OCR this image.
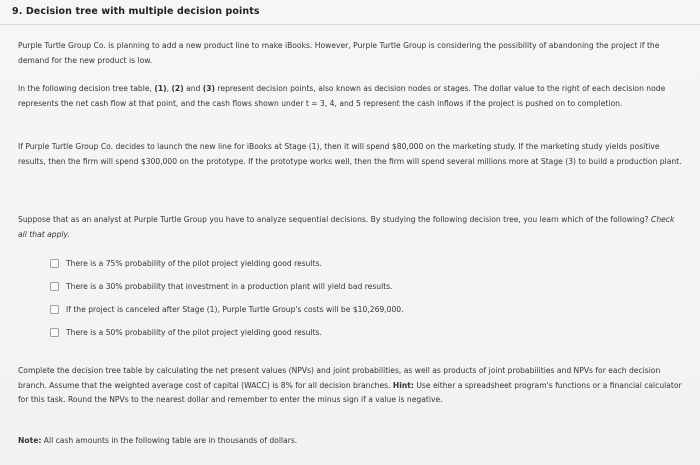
9. Decision tree with multiple decision points

Purple Turtle Group Co. is planning to add a new product line to make iBooks. However, Purple Turtle Group is considering the possibility of abandoning the project if the demand for the new product is low.

In the following decision tree table, (1), (2) and (3) represent decision points, also known as decision nodes or stages. The dollar value to the right of each decision node represents the net cash flow at that point, and the cash flows shown under t = 3, 4, and 5 represent the cash inflows if the project is pushed on to completion.

If Purple Turtle Group Co. decides to launch the new line for iBooks at Stage (1), then it will spend $80,000 on the marketing study. If the marketing study yields positive results, then the firm will spend $300,000 on the prototype. If the prototype works well, then the firm will spend several millions more at Stage (3) to build a production plant.

Suppose that as an analyst at Purple Turtle Group you have to analyze sequential decisions. By studying the following decision tree, you learn which of the following? Check all that apply.

There is a 75% probability of the pilot project yielding good results.
There is a 30% probability that investment in a production plant will yield bad results.
If the project is canceled after Stage (1), Purple Turtle Group's costs will be $10,269,000.
There is a 50% probability of the pilot project yielding good results.

Complete the decision tree table by calculating the net present values (NPVs) and joint probabilities, as well as products of joint probabilities and NPVs for each decision branch. Assume that the weighted average cost of capital (WACC) is 8% for all decision branches. Hint: Use either a spreadsheet program's functions or a financial calculator for this task. Round the NPVs to the nearest dollar and remember to enter the minus sign if a value is negative.

Note: All cash amounts in the following table are in thousands of dollars.
